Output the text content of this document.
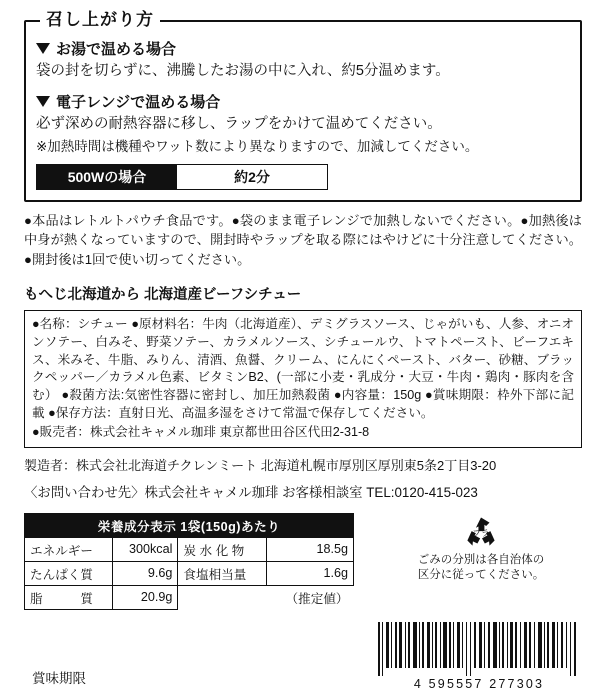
召し上がり方
お湯で温める場合

袋の封を切らずに、沸騰したお湯の中に入れ、約5分温めます。

電子レンジで温める場合

必ず深めの耐熱容器に移し、ラップをかけて温めてください。

※加熱時間は機種やワット数により異なりますので、加減してください。

500Wの場合	約2分

●本品はレトルトパウチ食品です。●袋のまま電子レンジで加熱しないでください。●加熱後は中身が熱くなっていますので、開封時やラップを取る際にはやけどに十分注意してください。●開封後は1回で使い切ってください。

もへじ北海道から 北海道産ビーフシチュー

●名称：シチュー ●原材料名：牛肉（北海道産）、デミグラスソース、じゃがいも、人参、オニオンソテー、白みそ、野菜ソテー、カラメルソース、シチュールウ、トマトペースト、ビーフエキス、米みそ、牛脂、みりん、清酒、魚醤、クリーム、にんにくペースト、バター、砂糖、ブラックペッパー／カラメル色素、ビタミンB2、(一部に小麦・乳成分・大豆・牛肉・鶏肉・豚肉を含む） ●殺菌方法:気密性容器に密封し、加圧加熱殺菌 ●内容量：150g ●賞味期限：枠外下部に記載 ●保存方法：直射日光、高温多湿をさけて常温で保存してください。
●販売者：株式会社キャメル珈琲 東京都世田谷区代田2-31-8

製造者：株式会社北海道チクレンミート 北海道札幌市厚別区厚別東5条2丁目3-20

〈お問い合わせ先〉株式会社キャメル珈琲 お客様相談室 TEL:0120-415-023

栄養成分表示 1袋(150g)あたり			
エネルギー	300kcal	炭 水 化 物	18.5g
たんぱく質	9.6g	食塩相当量	1.6g
脂　　　質	20.9g		（推定値）
プラ
ごみの分別は各自治体の
区分に従ってください。
賞味期限	4 595557 277303
